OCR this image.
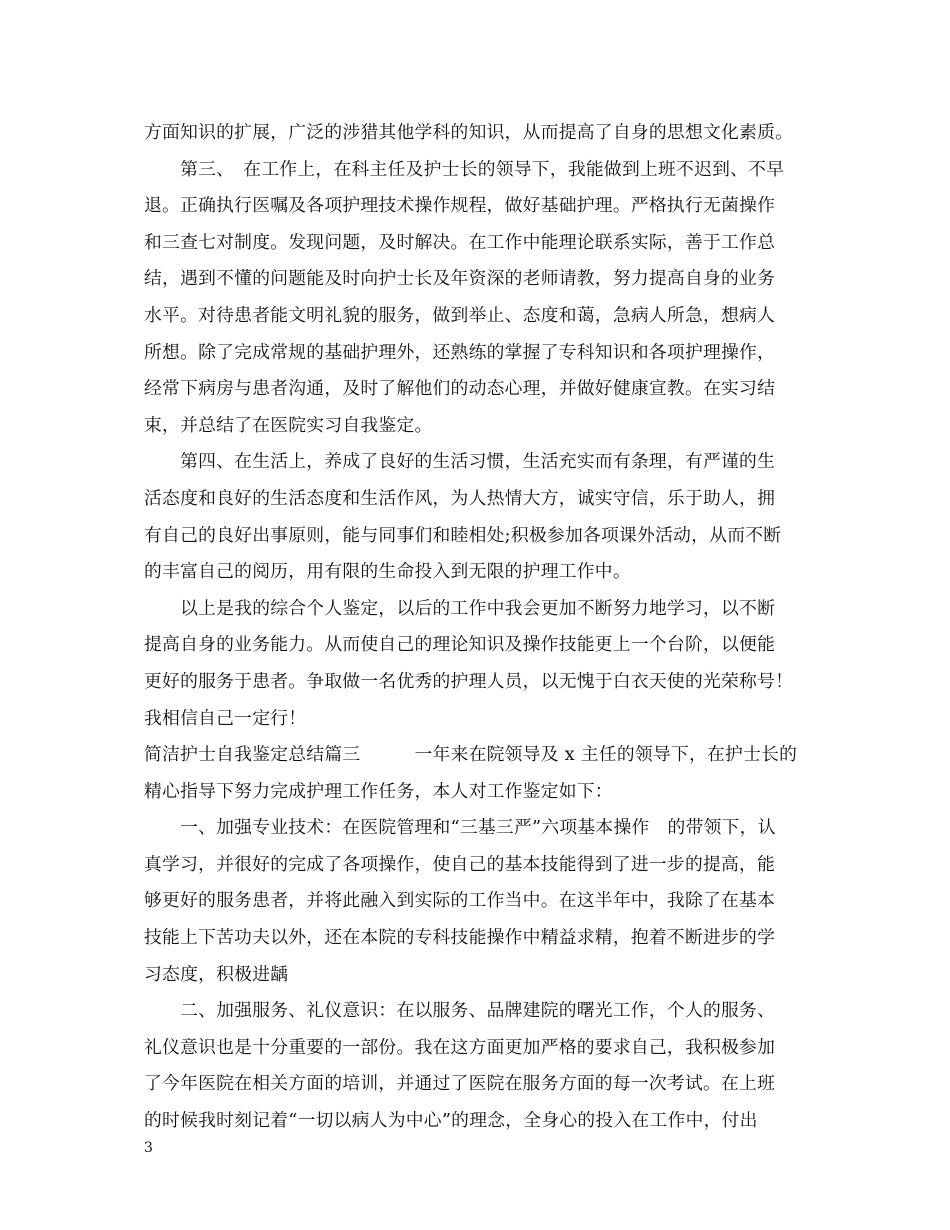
方面知识的扩展，广泛的涉猎其他学科的知识，从而提高了自身的思想文化素质。
　　第三、　在工作上，在科主任及护士长的领导下，我能做到上班不迟到、不早
退。正确执行医嘱及各项护理技术操作规程，做好基础护理。严格执行无菌操作
和三查七对制度。发现问题，及时解决。在工作中能理论联系实际，善于工作总
结，遇到不懂的问题能及时向护士长及年资深的老师请教，努力提高自身的业务
水平。对待患者能文明礼貌的服务，做到举止、态度和蔼，急病人所急，想病人
所想。除了完成常规的基础护理外，还熟练的掌握了专科知识和各项护理操作，
经常下病房与患者沟通，及时了解他们的动态心理，并做好健康宣教。在实习结
束，并总结了在医院实习自我鉴定。
　　第四、在生活上，养成了良好的生活习惯，生活充实而有条理，有严谨的生
活态度和良好的生活态度和生活作风，为人热情大方，诚实守信，乐于助人，拥
有自己的良好出事原则，能与同事们和睦相处;积极参加各项课外活动，从而不断
的丰富自己的阅历，用有限的生命投入到无限的护理工作中。
　　以上是我的综合个人鉴定，以后的工作中我会更加不断努力地学习，以不断
提高自身的业务能力。从而使自己的理论知识及操作技能更上一个台阶，以便能
更好的服务于患者。争取做一名优秀的护理人员，以无愧于白衣天使的光荣称号！
我相信自己一定行！
简洁护士自我鉴定总结篇三　　　一年来在院领导及 x 主任的领导下，在护士长的
精心指导下努力完成护理工作任务，本人对工作鉴定如下：
　　一、加强专业技术：在医院管理和“三基三严”六项基本操作　的带领下，认
真学习，并很好的完成了各项操作，使自己的基本技能得到了进一步的提高，能
够更好的服务患者，并将此融入到实际的工作当中。在这半年中，我除了在基本
技能上下苦功夫以外，还在本院的专科技能操作中精益求精，抱着不断进步的学
习态度，积极进龋
　　二、加强服务、礼仪意识：在以服务、品牌建院的曙光工作，个人的服务、
礼仪意识也是十分重要的一部份。我在这方面更加严格的要求自己，我积极参加
了今年医院在相关方面的培训，并通过了医院在服务方面的每一次考试。在上班
的时候我时刻记着“一切以病人为中心”的理念，全身心的投入在工作中，付出
3
